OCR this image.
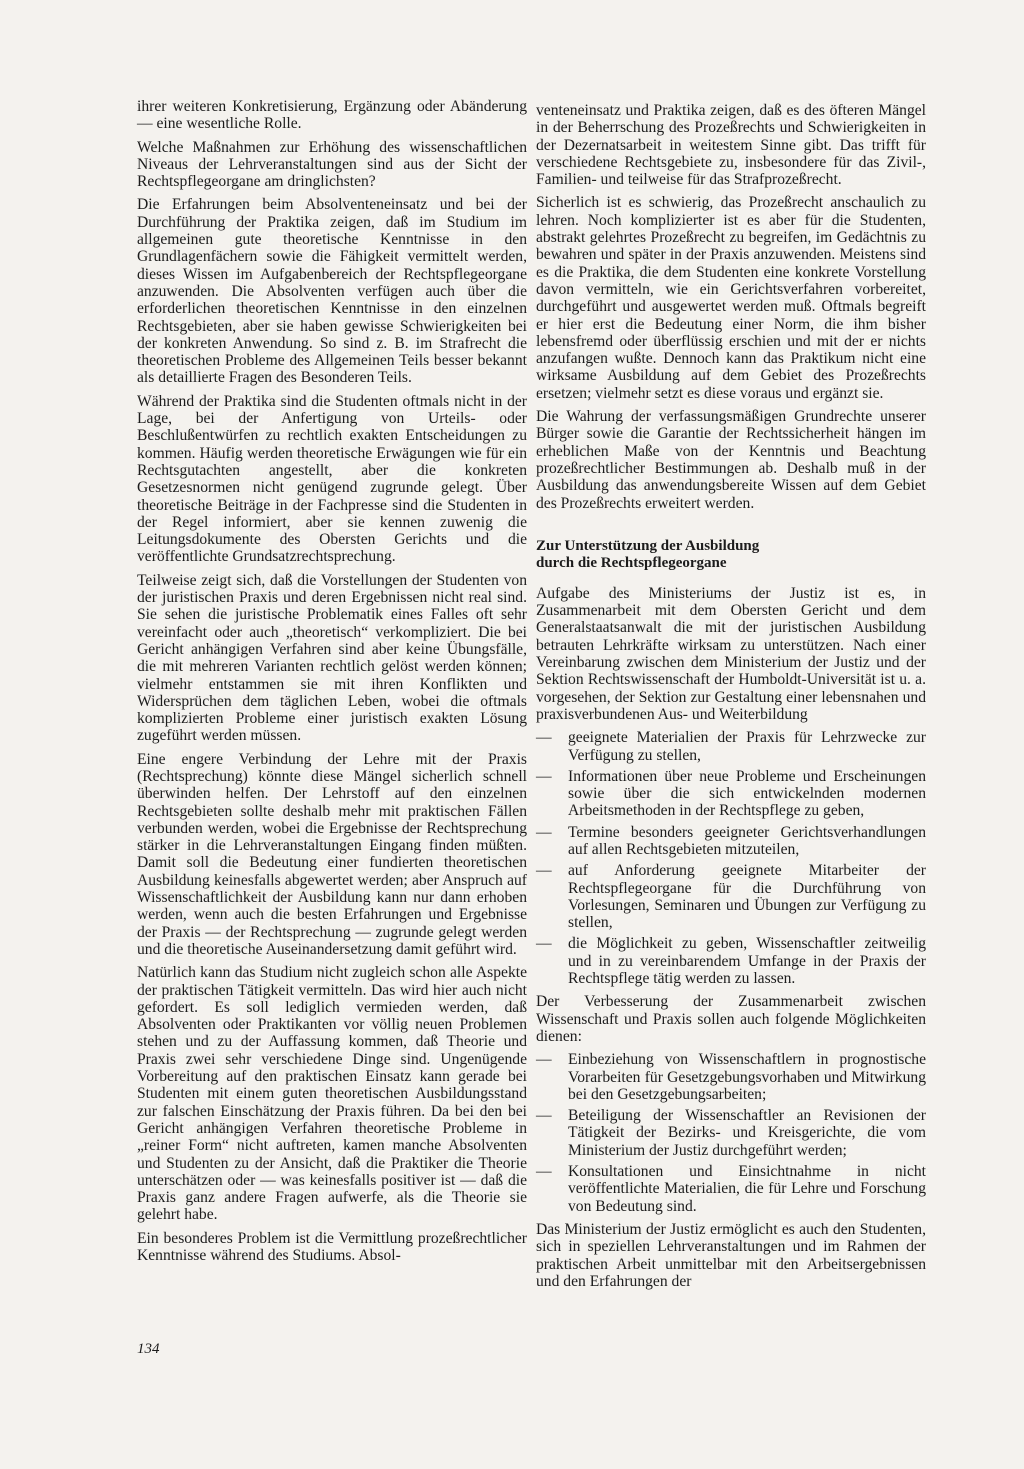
ihrer weiteren Konkretisierung, Ergänzung oder Abänderung — eine wesentliche Rolle.

Welche Maßnahmen zur Erhöhung des wissenschaftlichen Niveaus der Lehrveranstaltungen sind aus der Sicht der Rechtspflegeorgane am dringlichsten?

Die Erfahrungen beim Absolventeneinsatz und bei der Durchführung der Praktika zeigen, daß im Studium im allgemeinen gute theoretische Kenntnisse in den Grundlagenfächern sowie die Fähigkeit vermittelt werden, dieses Wissen im Aufgabenbereich der Rechtspflegeorgane anzuwenden. Die Absolventen verfügen auch über die erforderlichen theoretischen Kenntnisse in den einzelnen Rechtsgebieten, aber sie haben gewisse Schwierigkeiten bei der konkreten Anwendung. So sind z. B. im Strafrecht die theoretischen Probleme des Allgemeinen Teils besser bekannt als detaillierte Fragen des Besonderen Teils.

Während der Praktika sind die Studenten oftmals nicht in der Lage, bei der Anfertigung von Urteils- oder Beschlußentwürfen zu rechtlich exakten Entscheidungen zu kommen. Häufig werden theoretische Erwägungen wie für ein Rechtsgutachten angestellt, aber die konkreten Gesetzesnormen nicht genügend zugrunde gelegt. Über theoretische Beiträge in der Fachpresse sind die Studenten in der Regel informiert, aber sie kennen zuwenig die Leitungsdokumente des Obersten Gerichts und die veröffentlichte Grundsatzrechtsprechung.

Teilweise zeigt sich, daß die Vorstellungen der Studenten von der juristischen Praxis und deren Ergebnissen nicht real sind. Sie sehen die juristische Problematik eines Falles oft sehr vereinfacht oder auch „theoretisch“ verkompliziert. Die bei Gericht anhängigen Verfahren sind aber keine Übungsfälle, die mit mehreren Varianten rechtlich gelöst werden können; vielmehr entstammen sie mit ihren Konflikten und Widersprüchen dem täglichen Leben, wobei die oftmals komplizierten Probleme einer juristisch exakten Lösung zugeführt werden müssen.

Eine engere Verbindung der Lehre mit der Praxis (Rechtsprechung) könnte diese Mängel sicherlich schnell überwinden helfen. Der Lehrstoff auf den einzelnen Rechtsgebieten sollte deshalb mehr mit praktischen Fällen verbunden werden, wobei die Ergebnisse der Rechtsprechung stärker in die Lehrveranstaltungen Eingang finden müßten. Damit soll die Bedeutung einer fundierten theoretischen Ausbildung keinesfalls abgewertet werden; aber Anspruch auf Wissenschaftlichkeit der Ausbildung kann nur dann erhoben werden, wenn auch die besten Erfahrungen und Ergebnisse der Praxis — der Rechtsprechung — zugrunde gelegt werden und die theoretische Auseinandersetzung damit geführt wird.

Natürlich kann das Studium nicht zugleich schon alle Aspekte der praktischen Tätigkeit vermitteln. Das wird hier auch nicht gefordert. Es soll lediglich vermieden werden, daß Absolventen oder Praktikanten vor völlig neuen Problemen stehen und zu der Auffassung kommen, daß Theorie und Praxis zwei sehr verschiedene Dinge sind. Ungenügende Vorbereitung auf den praktischen Einsatz kann gerade bei Studenten mit einem guten theoretischen Ausbildungsstand zur falschen Einschätzung der Praxis führen. Da bei den bei Gericht anhängigen Verfahren theoretische Probleme in „reiner Form“ nicht auftreten, kamen manche Absolventen und Studenten zu der Ansicht, daß die Praktiker die Theorie unterschätzen oder — was keinesfalls positiver ist — daß die Praxis ganz andere Fragen aufwerfe, als die Theorie sie gelehrt habe.

Ein besonderes Problem ist die Vermittlung prozeßrechtlicher Kenntnisse während des Studiums. Absol-

venteneinsatz und Praktika zeigen, daß es des öfteren Mängel in der Beherrschung des Prozeßrechts und Schwierigkeiten in der Dezernatsarbeit in weitestem Sinne gibt. Das trifft für verschiedene Rechtsgebiete zu, insbesondere für das Zivil-, Familien- und teilweise für das Strafprozeßrecht.

Sicherlich ist es schwierig, das Prozeßrecht anschaulich zu lehren. Noch komplizierter ist es aber für die Studenten, abstrakt gelehrtes Prozeßrecht zu begreifen, im Gedächtnis zu bewahren und später in der Praxis anzuwenden. Meistens sind es die Praktika, die dem Studenten eine konkrete Vorstellung davon vermitteln, wie ein Gerichtsverfahren vorbereitet, durchgeführt und ausgewertet werden muß. Oftmals begreift er hier erst die Bedeutung einer Norm, die ihm bisher lebensfremd oder überflüssig erschien und mit der er nichts anzufangen wußte. Dennoch kann das Praktikum nicht eine wirksame Ausbildung auf dem Gebiet des Prozeßrechts ersetzen; vielmehr setzt es diese voraus und ergänzt sie.

Die Wahrung der verfassungsmäßigen Grundrechte unserer Bürger sowie die Garantie der Rechtssicherheit hängen im erheblichen Maße von der Kenntnis und Beachtung prozeßrechtlicher Bestimmungen ab. Deshalb muß in der Ausbildung das anwendungsbereite Wissen auf dem Gebiet des Prozeßrechts erweitert werden.

Zur Unterstützung der Ausbildung
durch die Rechtspflegeorgane

Aufgabe des Ministeriums der Justiz ist es, in Zusammenarbeit mit dem Obersten Gericht und dem Generalstaatsanwalt die mit der juristischen Ausbildung betrauten Lehrkräfte wirksam zu unterstützen. Nach einer Vereinbarung zwischen dem Ministerium der Justiz und der Sektion Rechtswissenschaft der Humboldt-Universität ist u. a. vorgesehen, der Sektion zur Gestaltung einer lebensnahen und praxisverbundenen Aus- und Weiterbildung

— geeignete Materialien der Praxis für Lehrzwecke zur Verfügung zu stellen,
— Informationen über neue Probleme und Erscheinungen sowie über die sich entwickelnden modernen Arbeitsmethoden in der Rechtspflege zu geben,
— Termine besonders geeigneter Gerichtsverhandlungen auf allen Rechtsgebieten mitzuteilen,
— auf Anforderung geeignete Mitarbeiter der Rechtspflegeorgane für die Durchführung von Vorlesungen, Seminaren und Übungen zur Verfügung zu stellen,
— die Möglichkeit zu geben, Wissenschaftler zeitweilig und in zu vereinbarendem Umfange in der Praxis der Rechtspflege tätig werden zu lassen.

Der Verbesserung der Zusammenarbeit zwischen Wissenschaft und Praxis sollen auch folgende Möglichkeiten dienen:

— Einbeziehung von Wissenschaftlern in prognostische Vorarbeiten für Gesetzgebungsvorhaben und Mitwirkung bei den Gesetzgebungsarbeiten;
— Beteiligung der Wissenschaftler an Revisionen der Tätigkeit der Bezirks- und Kreisgerichte, die vom Ministerium der Justiz durchgeführt werden;
— Konsultationen und Einsichtnahme in nicht veröffentlichte Materialien, die für Lehre und Forschung von Bedeutung sind.

Das Ministerium der Justiz ermöglicht es auch den Studenten, sich in speziellen Lehrveranstaltungen und im Rahmen der praktischen Arbeit unmittelbar mit den Arbeitsergebnissen und den Erfahrungen der

134
